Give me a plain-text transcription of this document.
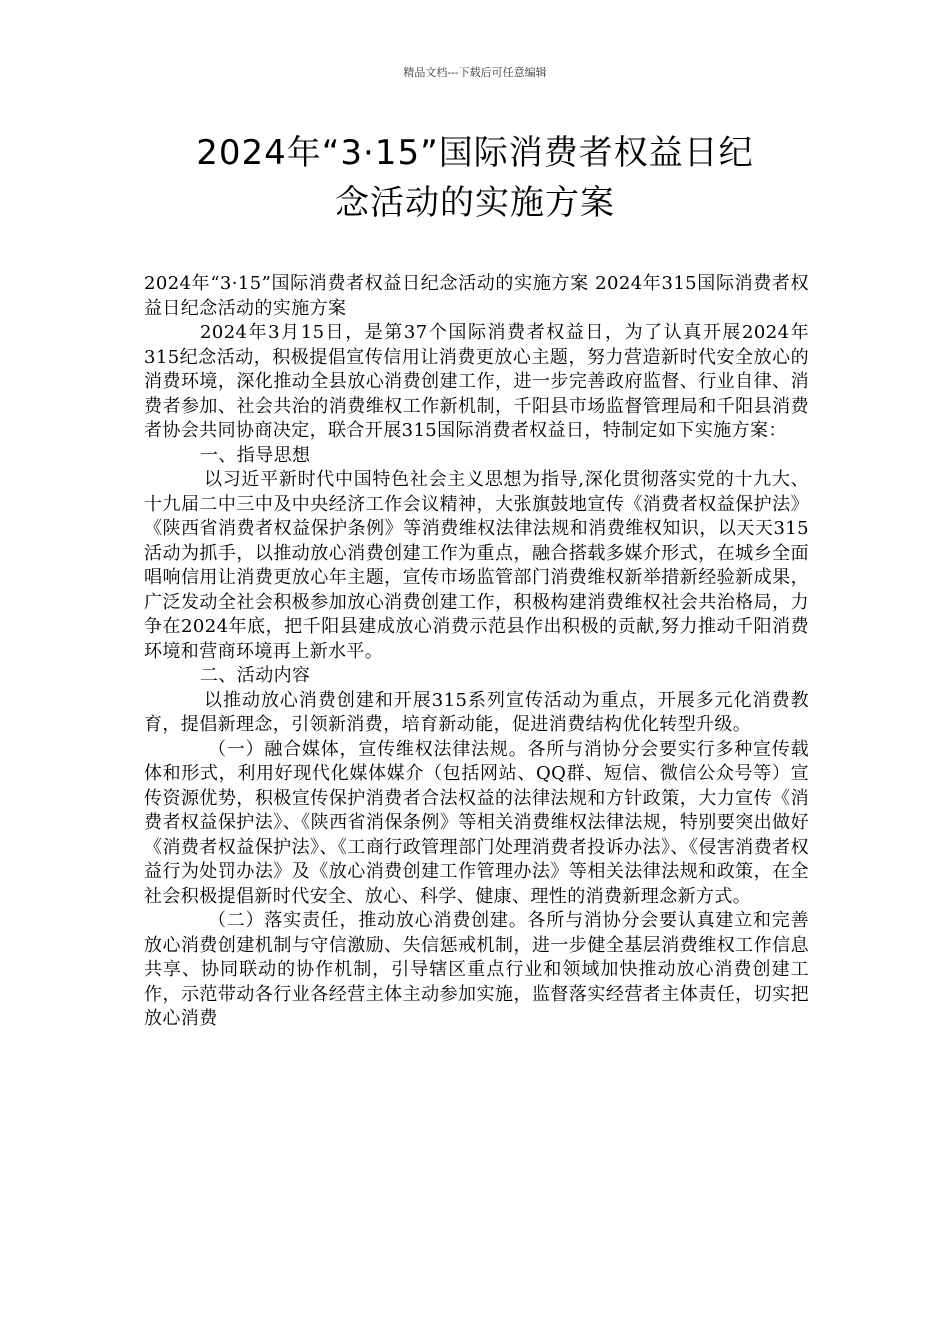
精品文档---下载后可任意编辑
2024年“3·15”国际消费者权益日纪
念活动的实施方案

2024年“3·15”国际消费者权益日纪念活动的实施方案 2024年315国际消费者权益日纪念活动的实施方案

2024年3月15日，是第37个国际消费者权益日，为了认真开展2024年315纪念活动，积极提倡宣传信用让消费更放心主题，努力营造新时代安全放心的消费环境，深化推动全县放心消费创建工作，进一步完善政府监督、行业自律、消费者参加、社会共治的消费维权工作新机制，千阳县市场监督管理局和千阳县消费者协会共同协商决定，联合开展315国际消费者权益日，特制定如下实施方案：

一、指导思想

以习近平新时代中国特色社会主义思想为指导,深化贯彻落实党的十九大、十九届二中三中及中央经济工作会议精神，大张旗鼓地宣传《消费者权益保护法》《陕西省消费者权益保护条例》等消费维权法律法规和消费维权知识，以天天315活动为抓手，以推动放心消费创建工作为重点，融合搭载多媒介形式，在城乡全面唱响信用让消费更放心年主题，宣传市场监管部门消费维权新举措新经验新成果，广泛发动全社会积极参加放心消费创建工作，积极构建消费维权社会共治格局，力争在2024年底，把千阳县建成放心消费示范县作出积极的贡献,努力推动千阳消费环境和营商环境再上新水平。

二、活动内容

以推动放心消费创建和开展315系列宣传活动为重点，开展多元化消费教育，提倡新理念，引领新消费，培育新动能，促进消费结构优化转型升级。

（一）融合媒体，宣传维权法律法规。各所与消协分会要实行多种宣传载体和形式，利用好现代化媒体媒介（包括网站、QQ群、短信、微信公众号等）宣传资源优势，积极宣传保护消费者合法权益的法律法规和方针政策，大力宣传《消费者权益保护法》、《陕西省消保条例》等相关消费维权法律法规，特别要突出做好《消费者权益保护法》、《工商行政管理部门处理消费者投诉办法》、《侵害消费者权益行为处罚办法》及《放心消费创建工作管理办法》等相关法律法规和政策，在全社会积极提倡新时代安全、放心、科学、健康、理性的消费新理念新方式。

（二）落实责任，推动放心消费创建。各所与消协分会要认真建立和完善放心消费创建机制与守信激励、失信惩戒机制，进一步健全基层消费维权工作信息共享、协同联动的协作机制，引导辖区重点行业和领域加快推动放心消费创建工作，示范带动各行业各经营主体主动参加实施，监督落实经营者主体责任，切实把放心消费
